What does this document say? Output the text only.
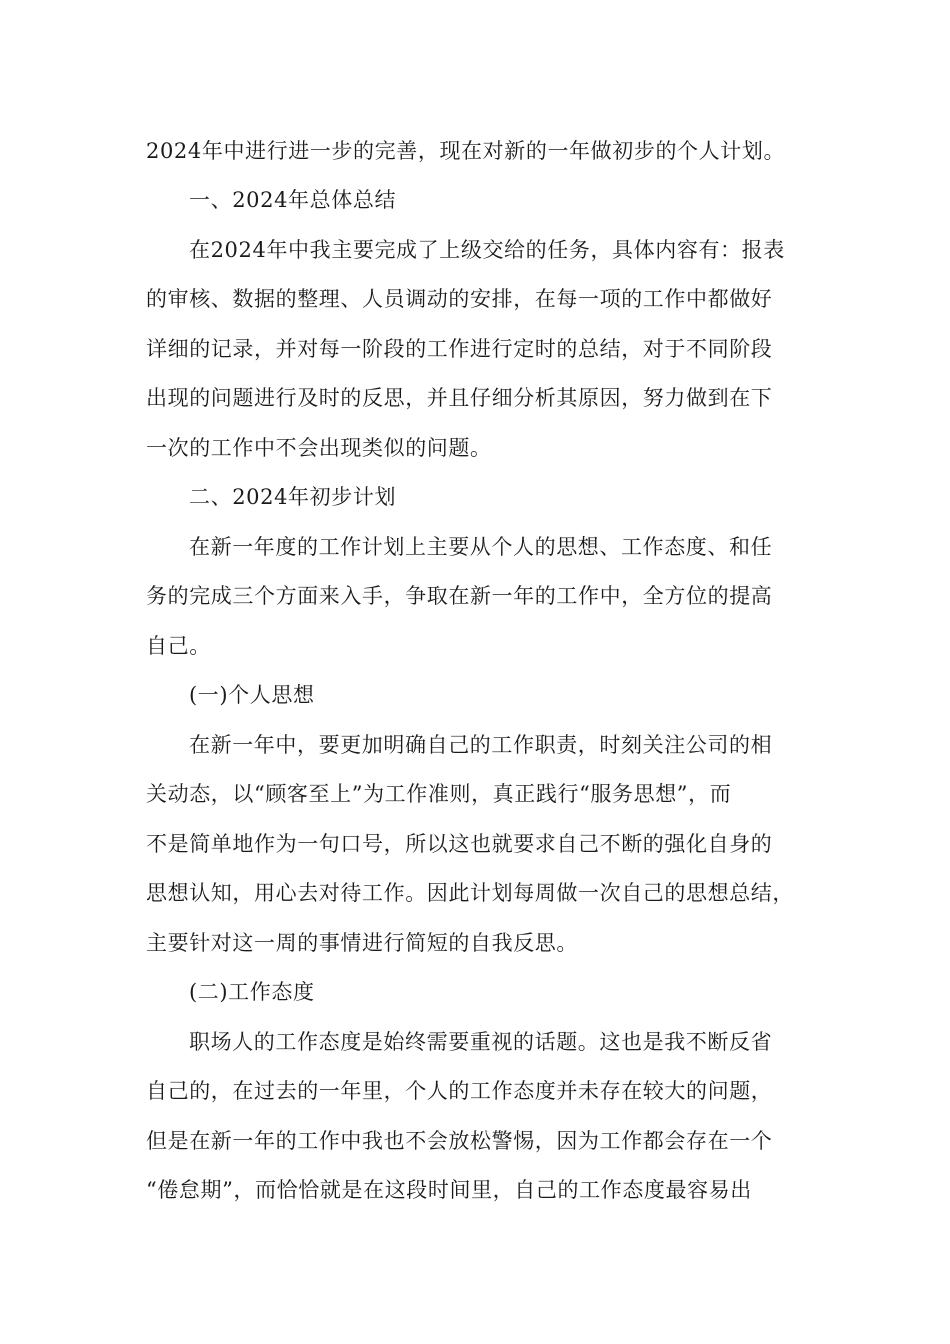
2024年中进行进一步的完善，现在对新的一年做初步的个人计划。
一、2024年总体总结
在2024年中我主要完成了上级交给的任务，具体内容有：报表
的审核、数据的整理、人员调动的安排，在每一项的工作中都做好
详细的记录，并对每一阶段的工作进行定时的总结，对于不同阶段
出现的问题进行及时的反思，并且仔细分析其原因，努力做到在下
一次的工作中不会出现类似的问题。
二、2024年初步计划
在新一年度的工作计划上主要从个人的思想、工作态度、和任
务的完成三个方面来入手，争取在新一年的工作中，全方位的提高
自己。
(一)个人思想
在新一年中，要更加明确自己的工作职责，时刻关注公司的相
关动态，以“顾客至上”为工作准则，真正践行“服务思想”，而
不是简单地作为一句口号，所以这也就要求自己不断的强化自身的
思想认知，用心去对待工作。因此计划每周做一次自己的思想总结，
主要针对这一周的事情进行简短的自我反思。
(二)工作态度
职场人的工作态度是始终需要重视的话题。这也是我不断反省
自己的，在过去的一年里，个人的工作态度并未存在较大的问题，
但是在新一年的工作中我也不会放松警惕，因为工作都会存在一个
“倦怠期”，而恰恰就是在这段时间里，自己的工作态度最容易出
